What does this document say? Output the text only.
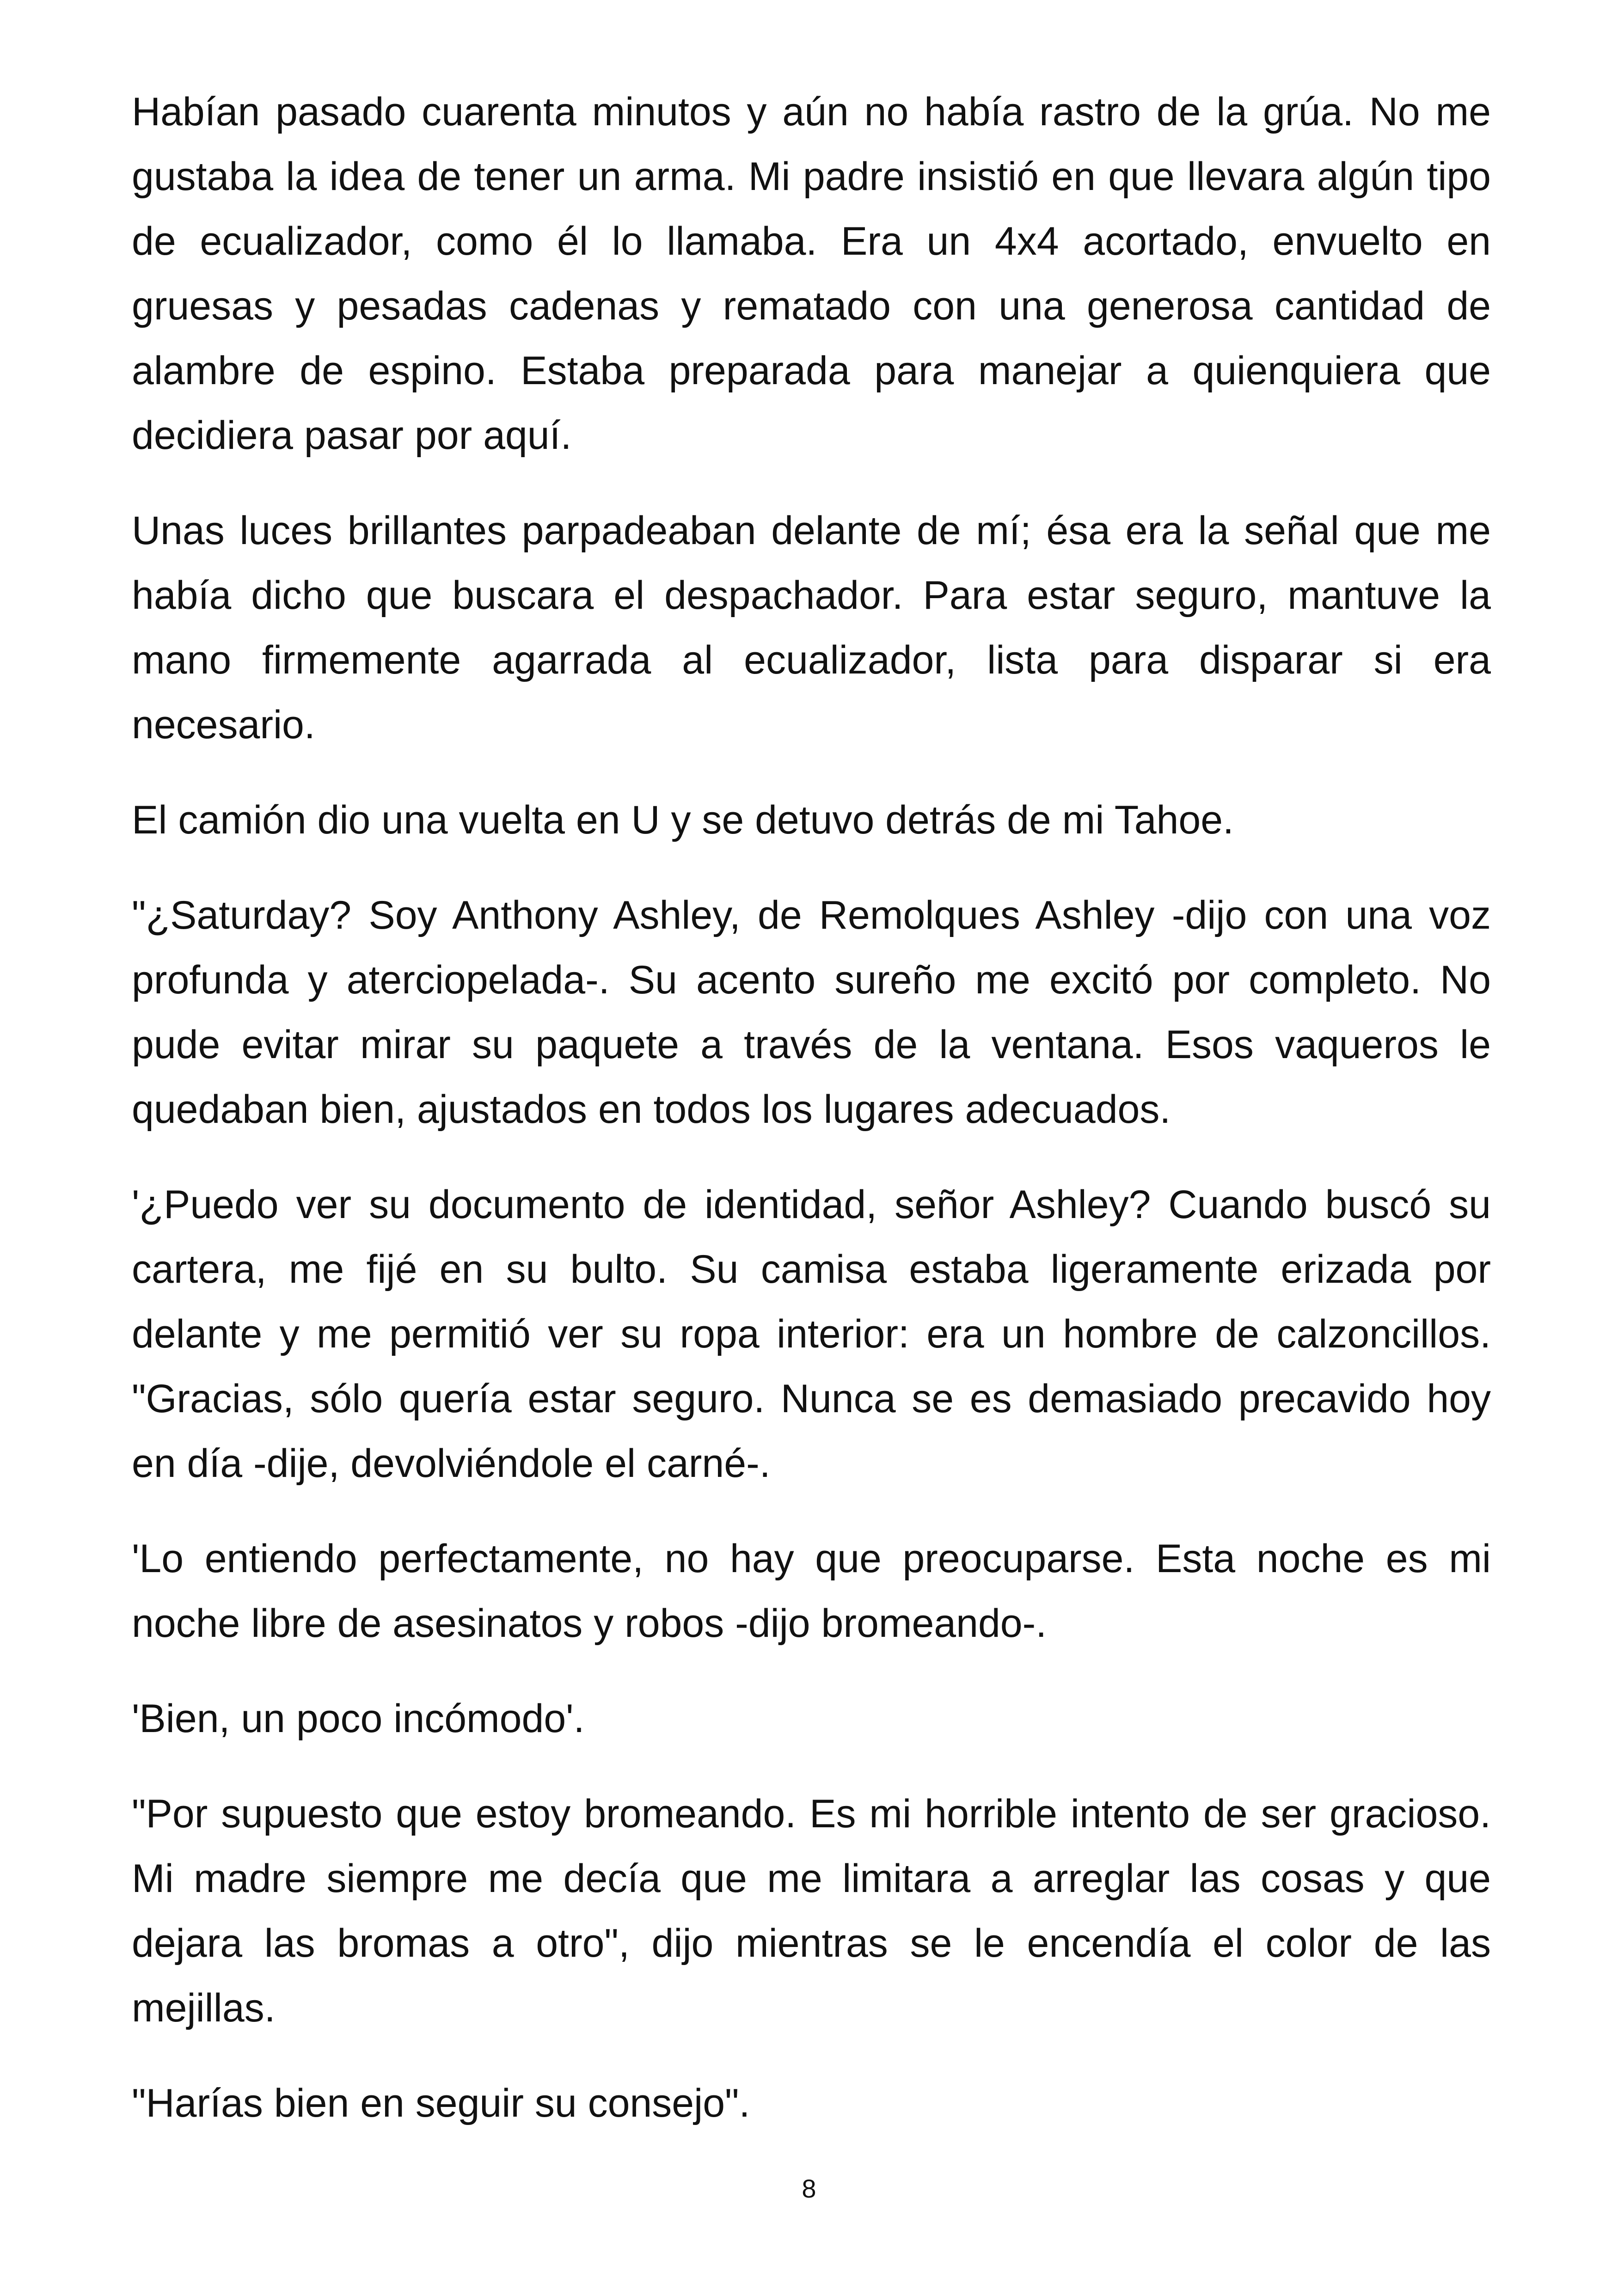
Habían pasado cuarenta minutos y aún no había rastro de la grúa. No me gustaba la idea de tener un arma. Mi padre insistió en que llevara algún tipo de ecualizador, como él lo llamaba. Era un 4x4 acortado, envuelto en gruesas y pesadas cadenas y rematado con una generosa cantidad de alambre de espino. Estaba preparada para manejar a quienquiera que decidiera pasar por aquí.

Unas luces brillantes parpadeaban delante de mí; ésa era la señal que me había dicho que buscara el despachador. Para estar seguro, mantuve la mano firmemente agarrada al ecualizador, lista para disparar si era necesario.

El camión dio una vuelta en U y se detuvo detrás de mi Tahoe.

"¿Saturday? Soy Anthony Ashley, de Remolques Ashley -dijo con una voz profunda y aterciopelada-. Su acento sureño me excitó por completo. No pude evitar mirar su paquete a través de la ventana. Esos vaqueros le quedaban bien, ajustados en todos los lugares adecuados.

'¿Puedo ver su documento de identidad, señor Ashley? Cuando buscó su cartera, me fijé en su bulto. Su camisa estaba ligeramente erizada por delante y me permitió ver su ropa interior: era un hombre de calzoncillos. "Gracias, sólo quería estar seguro. Nunca se es demasiado precavido hoy en día -dije, devolviéndole el carné-.

'Lo entiendo perfectamente, no hay que preocuparse. Esta noche es mi noche libre de asesinatos y robos -dijo bromeando-.

'Bien, un poco incómodo'.

"Por supuesto que estoy bromeando. Es mi horrible intento de ser gracioso. Mi madre siempre me decía que me limitara a arreglar las cosas y que dejara las bromas a otro", dijo mientras se le encendía el color de las mejillas.

"Harías bien en seguir su consejo".

8
